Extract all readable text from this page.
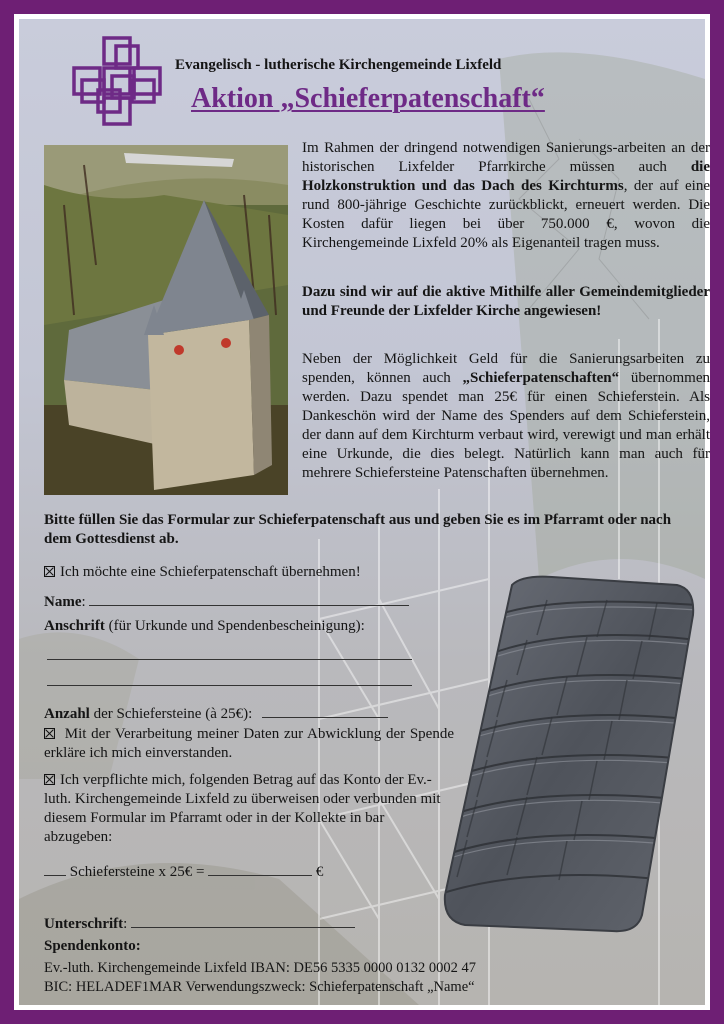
Evangelisch - lutherische Kirchengemeinde Lixfeld
Aktion „Schieferpatenschaft“
Im Rahmen der dringend notwendigen Sanierungs-arbeiten an der historischen Lixfelder Pfarrkirche müssen auch die Holzkonstruktion und das Dach des Kirchturms, der auf eine rund 800-jährige Geschichte zurückblickt, erneuert werden. Die Kosten dafür liegen bei über 750.000 €, wovon die Kirchengemeinde Lixfeld 20% als Eigenanteil tragen muss.
Dazu sind wir auf die aktive Mithilfe aller Gemeindemitglieder und Freunde der Lixfelder Kirche angewiesen!
Neben der Möglichkeit Geld für die Sanierungsarbeiten zu spenden, können auch „Schieferpatenschaften“ übernommen werden. Dazu spendet man 25€ für einen Schieferstein. Als Dankeschön wird der Name des Spenders auf dem Schieferstein, der dann auf dem Kirchturm verbaut wird, verewigt und man erhält eine Urkunde, die dies belegt. Natürlich kann man auch für mehrere Schiefersteine Patenschaften übernehmen.
Bitte füllen Sie das Formular zur Schieferpatenschaft aus und geben Sie es im Pfarramt oder nach dem Gottesdienst ab.
Ich möchte eine Schieferpatenschaft übernehmen!
Name:
Anschrift (für Urkunde und Spendenbescheinigung):
Anzahl der Schiefersteine (à 25€):
Mit der Verarbeitung meiner Daten zur Abwicklung der Spende erkläre ich mich einverstanden.
Ich verpflichte mich, folgenden Betrag auf das Konto der Ev.-luth. Kirchengemeinde Lixfeld zu überweisen oder verbunden mit diesem Formular im Pfarramt oder in der Kollekte in bar abzugeben:
Schiefersteine x 25€ =	€
Unterschrift:
Spendenkonto:
Ev.-luth. Kirchengemeinde Lixfeld IBAN: DE56 5335 0000 0132 0002 47
BIC: HELADEF1MAR Verwendungszweck: Schieferpatenschaft „Name“
